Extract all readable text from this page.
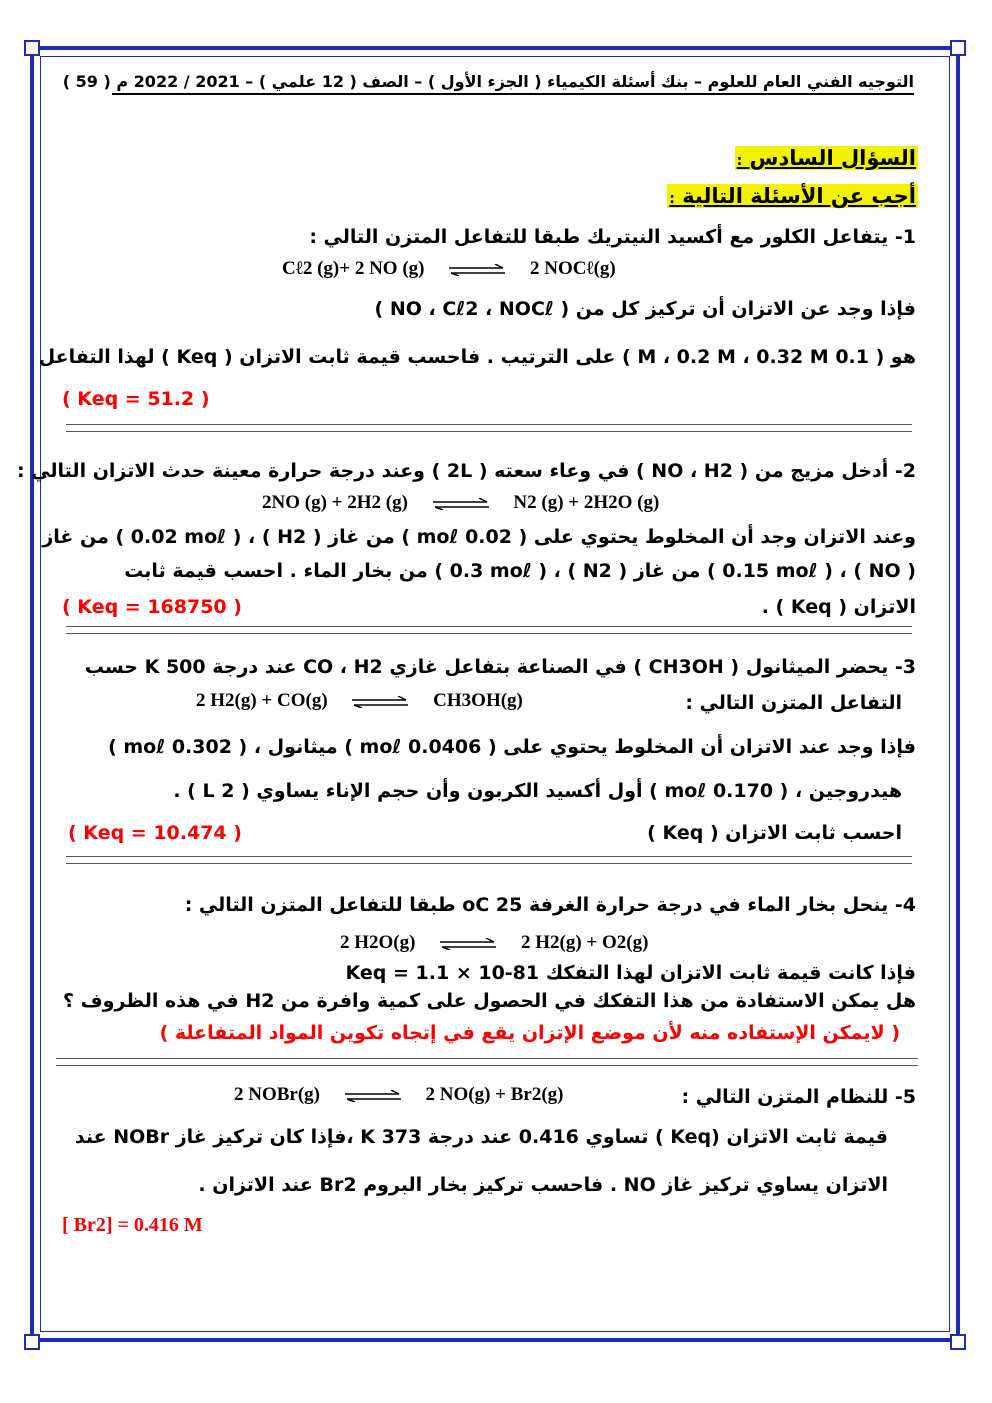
التوجيه الفني العام للعلوم – بنك أسئلة الكيمياء ( الجزء الأول ) – الصف ( 12 علمي ) – 2021 / 2022 م ( 59 )
السؤال السادس :
أجب عن الأسئلة التالية :
1- يتفاعل الكلور مع أكسيد النيتريك طبقا للتفاعل المتزن التالي :
Cℓ2 (g)+ 2 NO (g) ⇌ 2 NOCℓ(g)
فإذا وجد عن الاتزان أن تركيز كل من ( NO ، Cℓ2 ، NOCℓ )
هو ( 0.1 M ، 0.2 M ، 0.32 M ) على الترتيب . فاحسب قيمة ثابت الاتزان ( Keq ) لهذا التفاعل
( Keq = 51.2 )
2- أدخل مزيج من ( NO ، H2 ) في وعاء سعته ( 2L ) وعند درجة حرارة معينة حدث الاتزان التالي :
2NO (g) + 2H2 (g) ⇌ N2 (g) + 2H2O (g)
وعند الاتزان وجد أن المخلوط يحتوي على ( 0.02 moℓ ) من غاز ( H2 ) ، ( 0.02 moℓ ) من غاز
( NO ) ، ( 0.15 moℓ ) من غاز ( N2 ) ، ( 0.3 moℓ ) من بخار الماء . احسب قيمة ثابت
الاتزان ( Keq ) .
( Keq = 168750 )
3- يحضر الميثانول ( CH3OH ) في الصناعة بتفاعل غازي CO ، H2 عند درجة 500 K حسب
التفاعل المتزن التالي :
2 H2(g) + CO(g) ⇌ CH3OH(g)
فإذا وجد عند الاتزان أن المخلوط يحتوي على ( 0.0406 moℓ ) ميثانول ، ( 0.302 moℓ )
هيدروجين ، ( 0.170 moℓ ) أول أكسيد الكربون وأن حجم الإناء يساوي ( 2 L ) .
احسب ثابت الاتزان ( Keq )
( Keq = 10.474 )
4- ينحل بخار الماء في درجة حرارة الغرفة 25 oC طبقا للتفاعل المتزن التالي :
2 H2O(g) ⇌ 2 H2(g) + O2(g)
فإذا كانت قيمة ثابت الاتزان لهذا التفكك Keq = 1.1 × 10-81
هل يمكن الاستفادة من هذا التفكك في الحصول على كمية وافرة من H2 في هذه الظروف ؟
( لايمكن الإستفاده منه لأن موضع الإتزان يقع في إتجاه تكوين المواد المتفاعلة )
5- للنظام المتزن التالي :
2 NOBr(g) ⇌ 2 NO(g) + Br2(g)
قيمة ثابت الاتزان (Keq ) تساوي 0.416 عند درجة 373 K ،فإذا كان تركيز غاز NOBr عند
الاتزان يساوي تركيز غاز NO . فاحسب تركيز بخار البروم Br2 عند الاتزان .
[ Br2] = 0.416 M
